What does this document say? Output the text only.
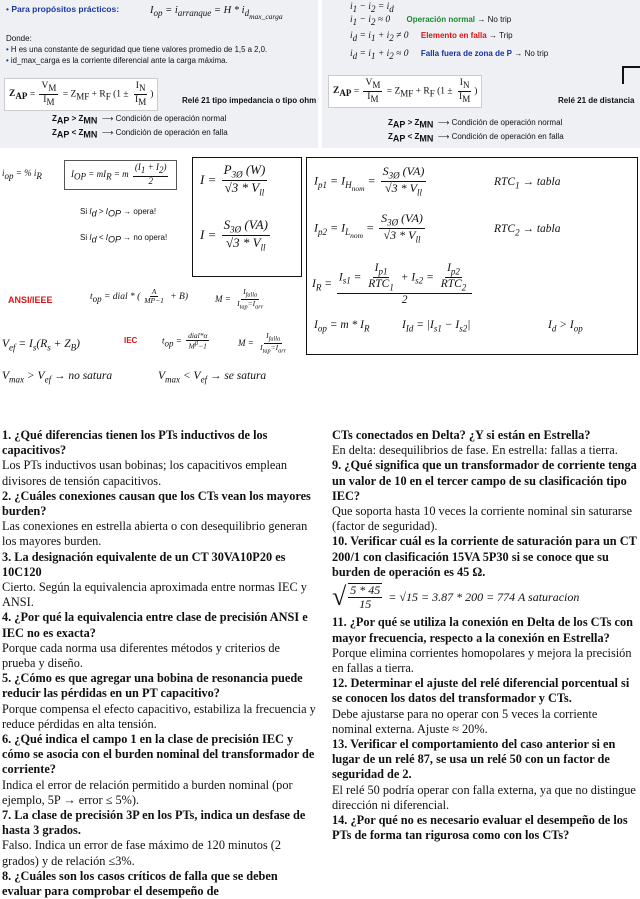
• Para propósitos prácticos:	$I_{op} = i_{arranque} = H * i_{d_{max\_carga}}$
Donde:
• H es una constante de seguridad que tiene valores promedio de 1,5 a 2,0.
• id_max_carga es la corriente diferencial ante la carga máxima.
$Z_{AP} = \frac{V_M}{I_M} = Z_{MF} + R_F$ ($1 \pm \frac{I_N}{I_M}$ )
Relé 21 tipo impedancia o tipo ohm
$Z_{AP} > Z_{MN}$ ⟶ Condición de operación normal
$Z_{AP} < Z_{MN}$ ⟶ Condición de operación en falla
$i_1 - i_2 = i_d$
$i_1 - i_2 \approx 0$ Operación normal → No trip
$i_d = i_1 + i_2 \ne 0$ Elemento en falla → Trip
$i_d = i_1 + i_2 \approx 0$ Falla fuera de zona de P → No trip
$Z_{AP} = \frac{V_M}{I_M} = Z_{MF} + R_F$ ($1 \pm \frac{I_N}{I_M}$ )
Relé 21 de distancia
$Z_{AP} > Z_{MN}$ ⟶ Condición de operación normal
$Z_{AP} < Z_{MN}$ ⟶ Condición de operación en falla
$i_{op}$ = % $i_R$	$I_{OP} = mI_R = m \frac{(I_1 + I_2)}{2}$
Si $I_d > I_{OP}$ → opera!
Si $I_d < I_{OP}$ → no opera!
ANSI/IEEE	$t_{op}$ = dial * ( $\frac{A}{MP-1} + B$)	$M = \frac{I_{falla}}{I_{tap}=I_{arr}}$
$V_{ef} = I_s(R_s + Z_B)$	IEC	$t_{op} = \frac{\text{dial*α}}{M^\beta-1}$	$M = \frac{I_{falla}}{I_{tap}=I_{arr}}$
$V_{max} > V_{ef}$ → no satura	$V_{max} < V_{ef}$ → se satura
$I = \frac{P_{3Ø} (W)}{√3 * V_{ll}}$
$I = \frac{S_{3Ø} (VA)}{√3 * V_{ll}}$
$I_{p1} = I_{H_{nom}} = \frac{S_{3Ø} (VA)}{√3 * V_{ll}}$	$RTC_1$ → tabla
$I_{p2} = I_{L_{nom}} = \frac{S_{3Ø} (VA)}{√3 * V_{ll}}$	$RTC_2$ → tabla
$I_R = \frac{I_{s1} = \frac{I_{p1}}{RTC_1} + I_{s2} = \frac{I_{p2}}{RTC_2}}{2}$
$I_{op} = m * I_R$	$I_{Id} = |I_{s1} - I_{s2}|$	$I_d > I_{op}$

1. ¿Qué diferencias tienen los PTs inductivos de los capacitivos?

Los PTs inductivos usan bobinas; los capacitivos emplean divisores de tensión capacitivos.

2. ¿Cuáles conexiones causan que los CTs vean los mayores burden?

Las conexiones en estrella abierta o con desequilibrio generan los mayores burden.

3. La designación equivalente de un CT 30VA10P20 es 10C120

Cierto. Según la equivalencia aproximada entre normas IEC y ANSI.

4. ¿Por qué la equivalencia entre clase de precisión ANSI e IEC no es exacta?

Porque cada norma usa diferentes métodos y criterios de prueba y diseño.

5. ¿Cómo es que agregar una bobina de resonancia puede reducir las pérdidas en un PT capacitivo?

Porque compensa el efecto capacitivo, estabiliza la frecuencia y reduce pérdidas en alta tensión.

6. ¿Qué indica el campo 1 en la clase de precisión IEC y cómo se asocia con el burden nominal del transformador de corriente?

Indica el error de relación permitido a burden nominal (por ejemplo, 5P → error ≤ 5%).

7. La clase de precisión 3P en los PTs, indica un desfase de hasta 3 grados.

Falso. Indica un error de fase máximo de 120 minutos (2 grados) y de relación ≤3%.

8. ¿Cuáles son los casos críticos de falla que se deben evaluar para comprobar el desempeño de

CTs conectados en Delta? ¿Y si están en Estrella?

En delta: desequilibrios de fase. En estrella: fallas a tierra.

9. ¿Qué significa que un transformador de corriente tenga un valor de 10 en el tercer campo de su clasificación tipo IEC?

Que soporta hasta 10 veces la corriente nominal sin saturarse (factor de seguridad).

10. Verificar cuál es la corriente de saturación para un CT 200/1 con clasificación 15VA 5P30 si se conoce que su burden de operación es 45 Ω.

√ $\frac{5 * 45}{15} = √15 = 3.87 * 200 = 774$ A saturacion

11. ¿Por qué se utiliza la conexión en Delta de los CTs con mayor frecuencia, respecto a la conexión en Estrella?

Porque elimina corrientes homopolares y mejora la precisión en fallas a tierra.

12. Determinar el ajuste del relé diferencial porcentual si se conocen los datos del transformador y CTs.

Debe ajustarse para no operar con 5 veces la corriente nominal externa. Ajuste ≈ 20%.

13. Verificar el comportamiento del caso anterior si en lugar de un relé 87, se usa un relé 50 con un factor de seguridad de 2.

El relé 50 podría operar con falla externa, ya que no distingue dirección ni diferencial.

14. ¿Por qué no es necesario evaluar el desempeño de los PTs de forma tan rigurosa como con los CTs?
